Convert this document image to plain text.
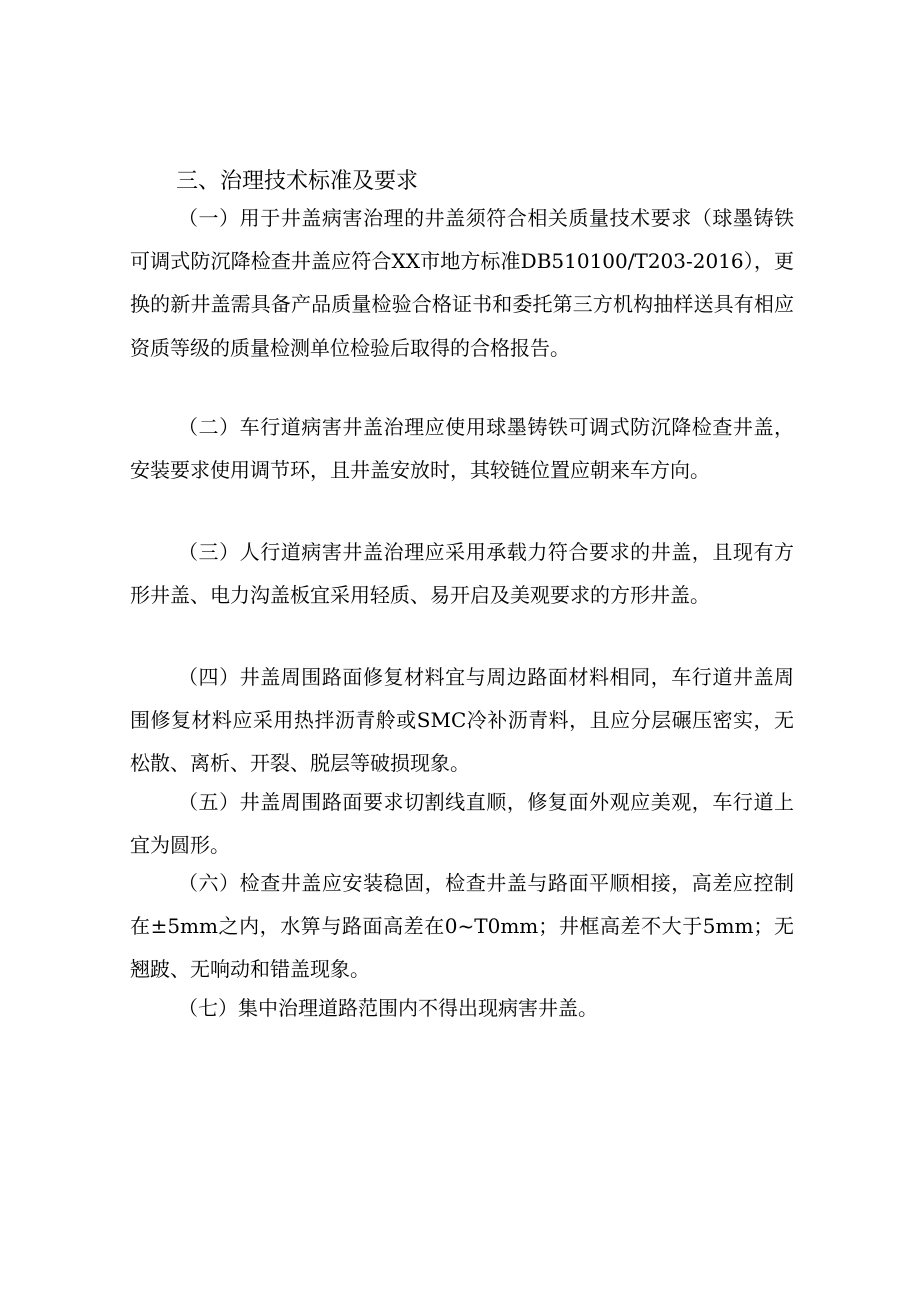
三、治理技术标准及要求

（一）用于井盖病害治理的井盖须符合相关质量技术要求（球墨铸铁可调式防沉降检查井盖应符合XX市地方标准DB510100/T203-2016），更换的新井盖需具备产品质量检验合格证书和委托第三方机构抽样送具有相应资质等级的质量检测单位检验后取得的合格报告。

（二）车行道病害井盖治理应使用球墨铸铁可调式防沉降检查井盖，安装要求使用调节环，且井盖安放时，其较链位置应朝来车方向。

（三）人行道病害井盖治理应采用承载力符合要求的井盖，且现有方形井盖、电力沟盖板宜采用轻质、易开启及美观要求的方形井盖。

（四）井盖周围路面修复材料宜与周边路面材料相同，车行道井盖周围修复材料应采用热拌沥青舲或SMC冷补沥青料，且应分层碾压密实，无松散、离析、开裂、脱层等破损现象。

（五）井盖周围路面要求切割线直顺，修复面外观应美观，车行道上宜为圆形。

（六）检查井盖应安装稳固，检查井盖与路面平顺相接，高差应控制在±5mm之内，水箅与路面高差在0~T0mm；井框高差不大于5mm；无翘跛、无响动和错盖现象。

（七）集中治理道路范围内不得出现病害井盖。
